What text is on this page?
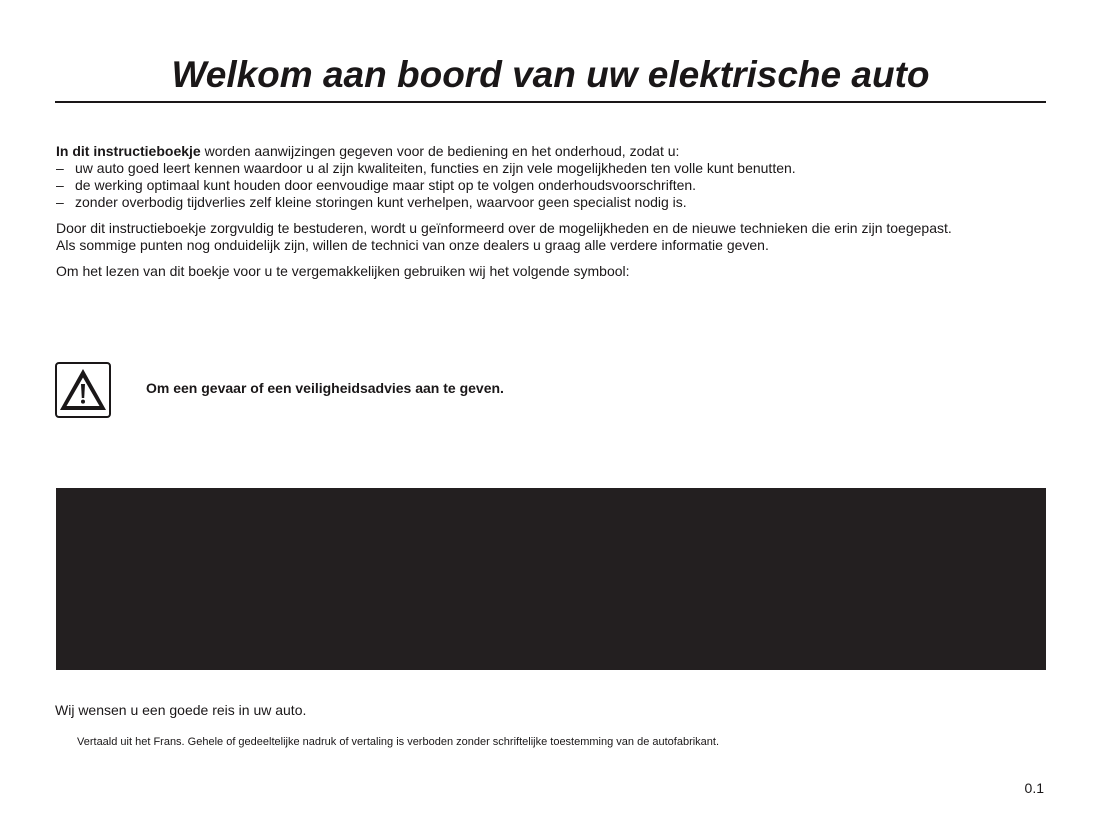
Welkom aan boord van uw elektrische auto

In dit instructieboekje worden aanwijzingen gegeven voor de bediening en het onderhoud, zodat u:

– uw auto goed leert kennen waardoor u al zijn kwaliteiten, functies en zijn vele mogelijkheden ten volle kunt benutten.
– de werking optimaal kunt houden door eenvoudige maar stipt op te volgen onderhoudsvoorschriften.
– zonder overbodig tijdverlies zelf kleine storingen kunt verhelpen, waarvoor geen specialist nodig is.

Door dit instructieboekje zorgvuldig te bestuderen, wordt u geïnformeerd over de mogelijkheden en de nieuwe technieken die erin zijn toegepast.
Als sommige punten nog onduidelijk zijn, willen de technici van onze dealers u graag alle verdere informatie geven.

Om het lezen van dit boekje voor u te vergemakkelijken gebruiken wij het volgende symbool:

Om een gevaar of een veiligheidsadvies aan te geven.

Wij wensen u een goede reis in uw auto.

Vertaald uit het Frans. Gehele of gedeeltelijke nadruk of vertaling is verboden zonder schriftelijke toestemming van de autofabrikant.

0.1
